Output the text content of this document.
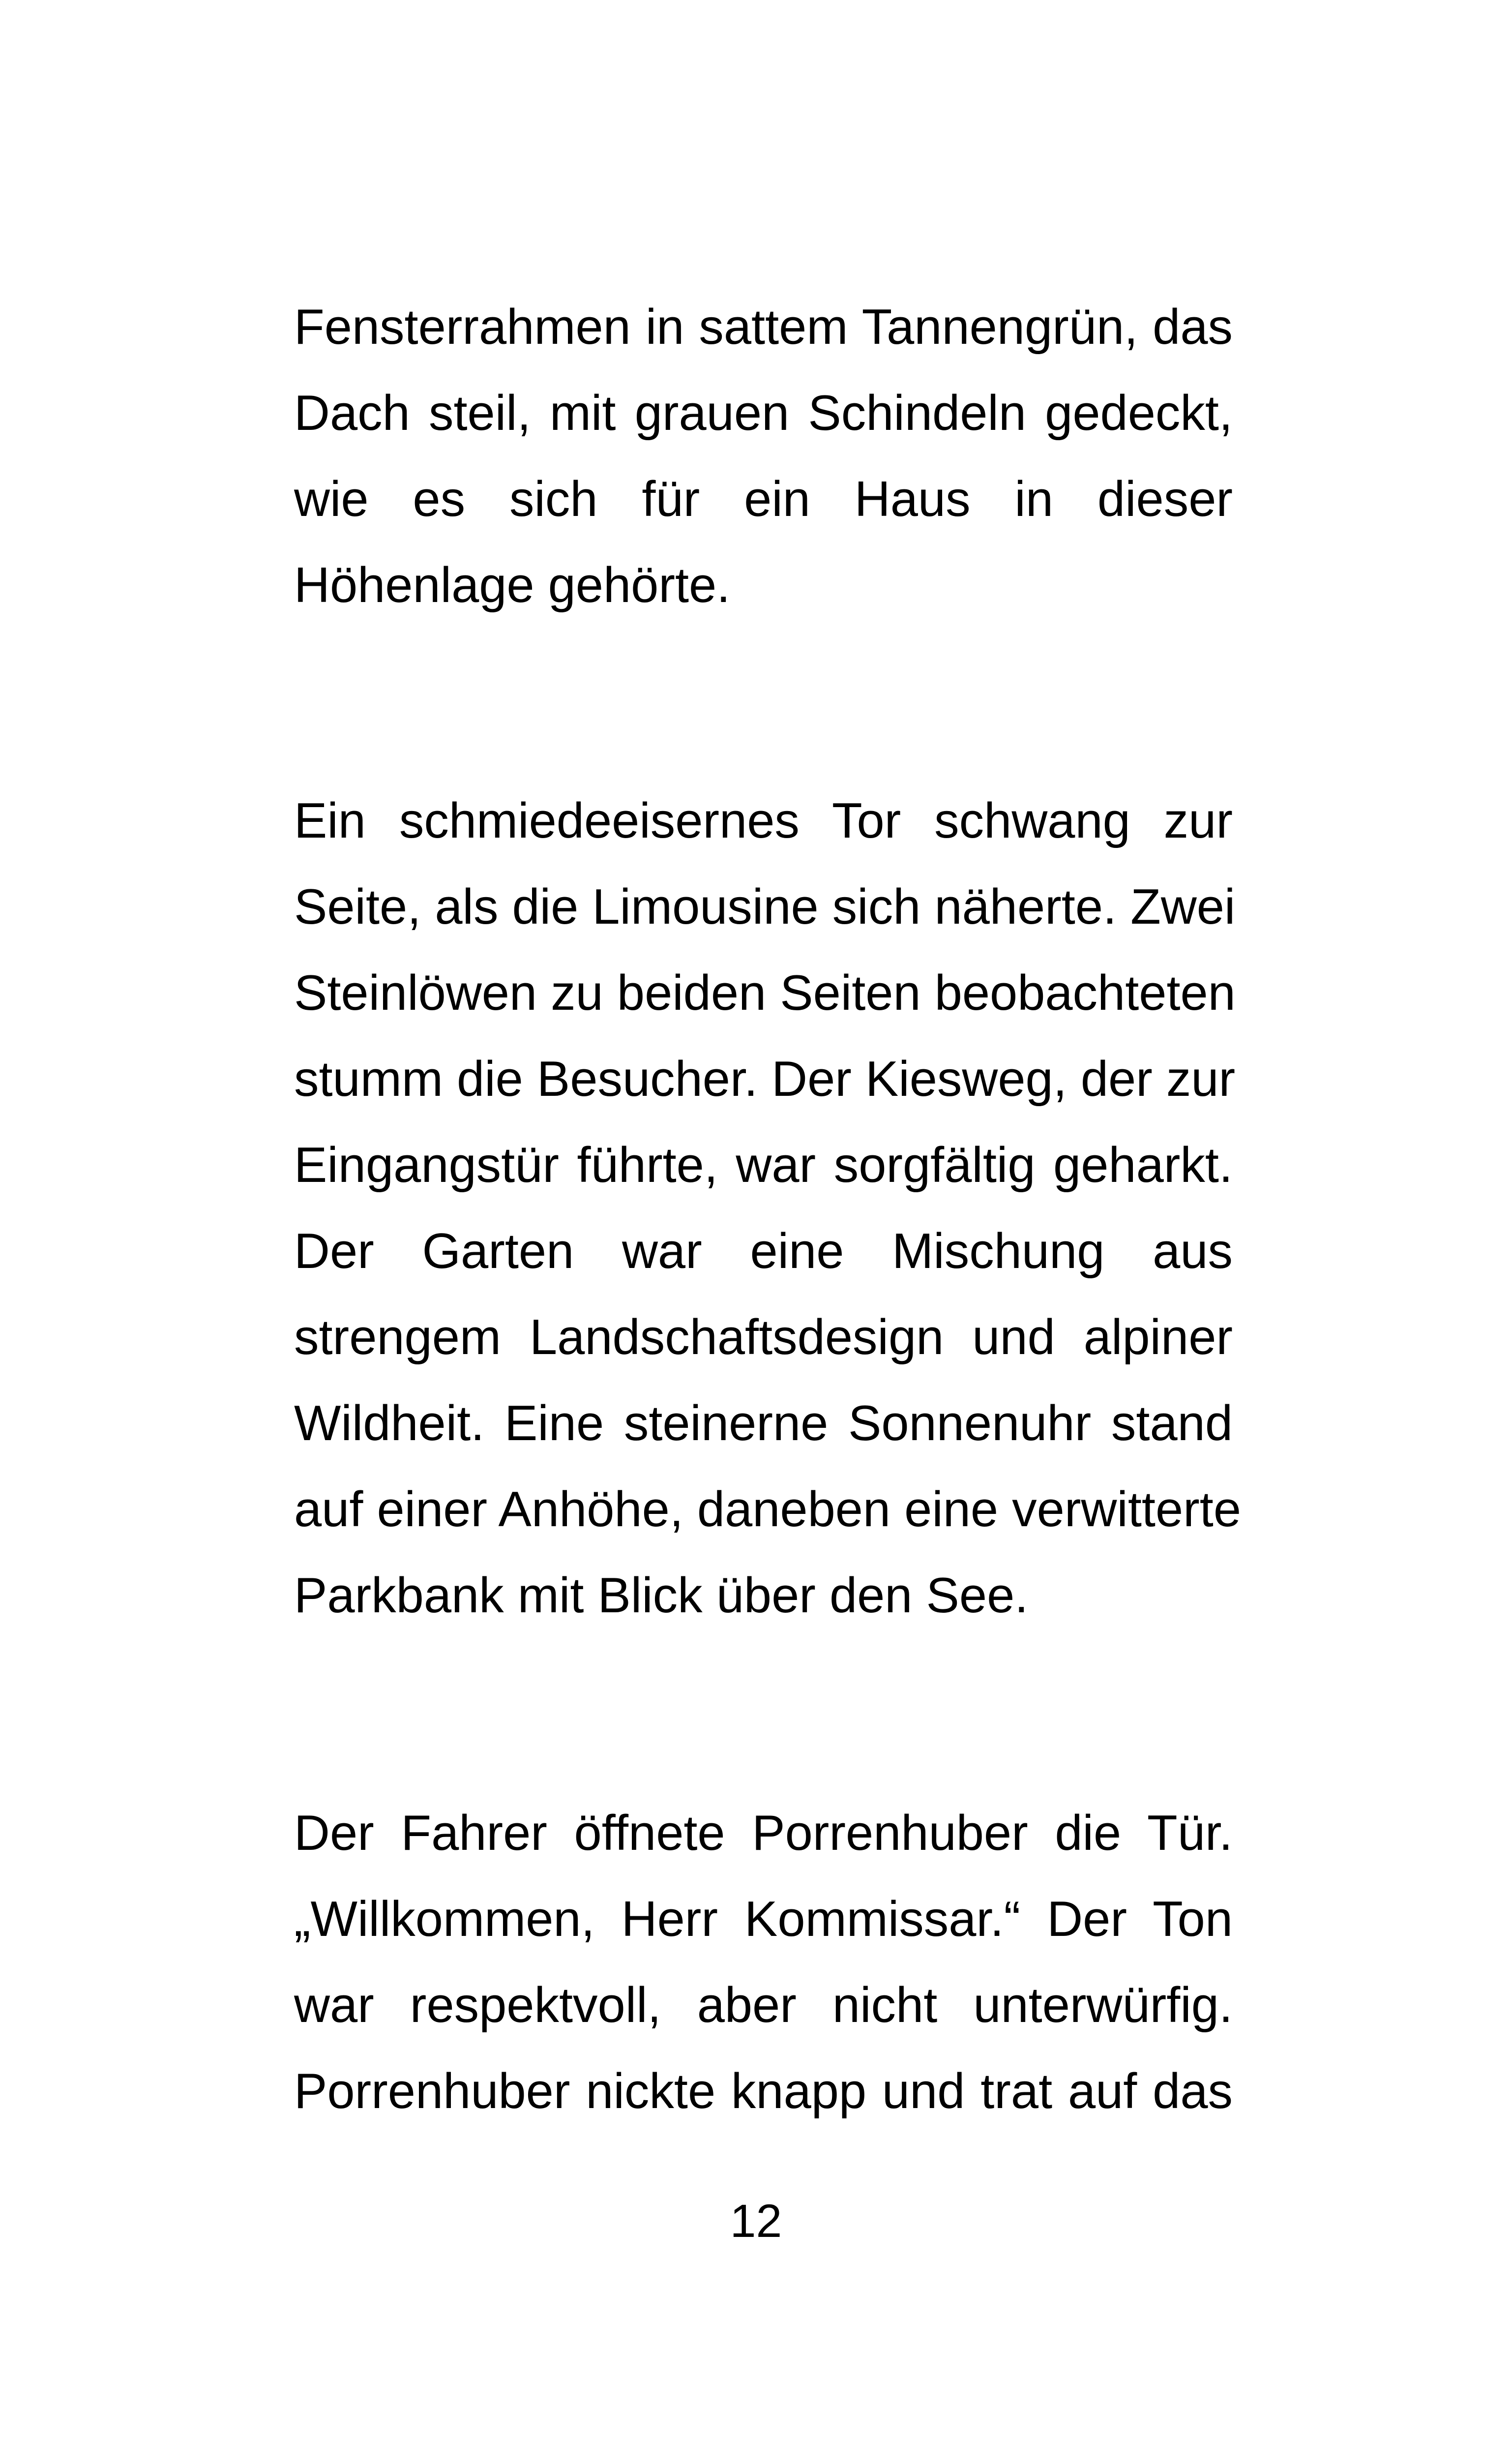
Fensterrahmen in sattem Tannengrün, das
Dach steil, mit grauen Schindeln gedeckt,
wie es sich für ein Haus in dieser
Höhenlage gehörte.
Ein schmiedeeisernes Tor schwang zur
Seite, als die Limousine sich näherte. Zwei
Steinlöwen zu beiden Seiten beobachteten
stumm die Besucher. Der Kiesweg, der zur
Eingangstür führte, war sorgfältig geharkt.
Der Garten war eine Mischung aus
strengem Landschaftsdesign und alpiner
Wildheit. Eine steinerne Sonnenuhr stand
auf einer Anhöhe, daneben eine verwitterte
Parkbank mit Blick über den See.
Der Fahrer öffnete Porrenhuber die Tür.
„Willkommen, Herr Kommissar.“ Der Ton
war respektvoll, aber nicht unterwürfig.
Porrenhuber nickte knapp und trat auf das
12
